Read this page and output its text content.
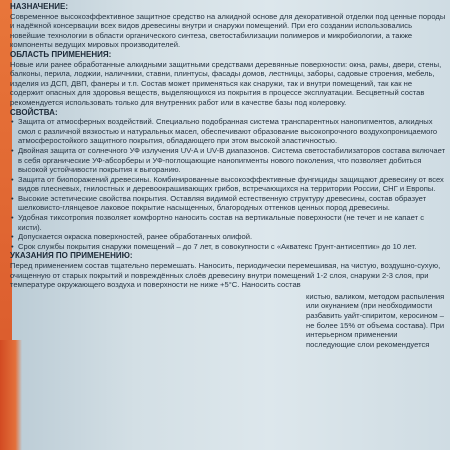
НАЗНАЧЕНИЕ:
Современное высокоэффективное защитное средство на алкидной основе для декоративной отделки под ценные породы и надёжной консервации всех видов древесины внутри и снаружи помещений. При его создании использовались новейшие технологии в области органического синтеза, светостабилизации полимеров и микробиологии, а также компоненты ведущих мировых производителей.
ОБЛАСТЬ ПРИМЕНЕНИЯ:
Новые или ранее обработанные алкидными защитными средствами деревянные поверхности: окна, рамы, двери, стены, балконы, перила, лоджии, наличники, ставни, плинтусы, фасады домов, лестницы, заборы, садовые строения, мебель, изделия из ДСП, ДВП, фанеры и т.п. Состав может применяться как снаружи, так и внутри помещений, так как не содержит опасных для здоровья веществ, выделяющихся из покрытия в процессе эксплуатации. Бесцветный состав рекомендуется использовать только для внутренних работ или в качестве базы под колеровку.
СВОЙСТВА:
• Защита от атмосферных воздействий. Специально подобранная система транспарентных нанопигментов, алкидных смол с различной вязкостью и натуральных масел, обеспечивают образование высокопрочного воздухопроницаемого атмосферостойкого защитного покрытия, обладающего при этом высокой эластичностью.
• Двойная защита от солнечного УФ излучения UV-A и UV-B диапазонов. Система светостабилизаторов состава включает в себя органические УФ-абсорберы и УФ-поглощающие нанопигменты нового поколения, что позволяет добиться высокой устойчивости покрытия к выгоранию.
• Защита от биопоражений древесины. Комбинированные высокоэффективные фунгициды защищают древесину от всех видов плесневых, гнилостных и деревоокрашивающих грибов, встречающихся на территории России, СНГ и Европы.
• Высокие эстетические свойства покрытия. Оставляя видимой естественную структуру древесины, состав образует шелковисто-глянцевое лаковое покрытие насыщенных, благородных оттенков ценных пород древесины.
• Удобная тиксотропия позволяет комфортно наносить состав на вертикальные поверхности (не течет и не капает с кисти).
• Допускается окраска поверхностей, ранее обработанных олифой.
• Срок службы покрытия снаружи помещений – до 7 лет, в совокупности с «Акватекс Грунт-антисептик» до 10 лет.
УКАЗАНИЯ ПО ПРИМЕНЕНИЮ:
Перед применением состав тщательно перемешать. Наносить, периодически перемешивая, на чистую, воздушно-сухую, очищенную от старых покрытий и повреждённых слоёв древесину внутри помещений 1-2 слоя, снаружи 2-3 слоя, при температуре окружающего воздуха и поверхности не ниже +5°С. Наносить состав
кистью, валиком, методом распыления или окунанием (при необходимости разбавить уайт-спиритом, керосином – не более 15% от объема состава). При интерьерном применении последующие слои рекомендуется
